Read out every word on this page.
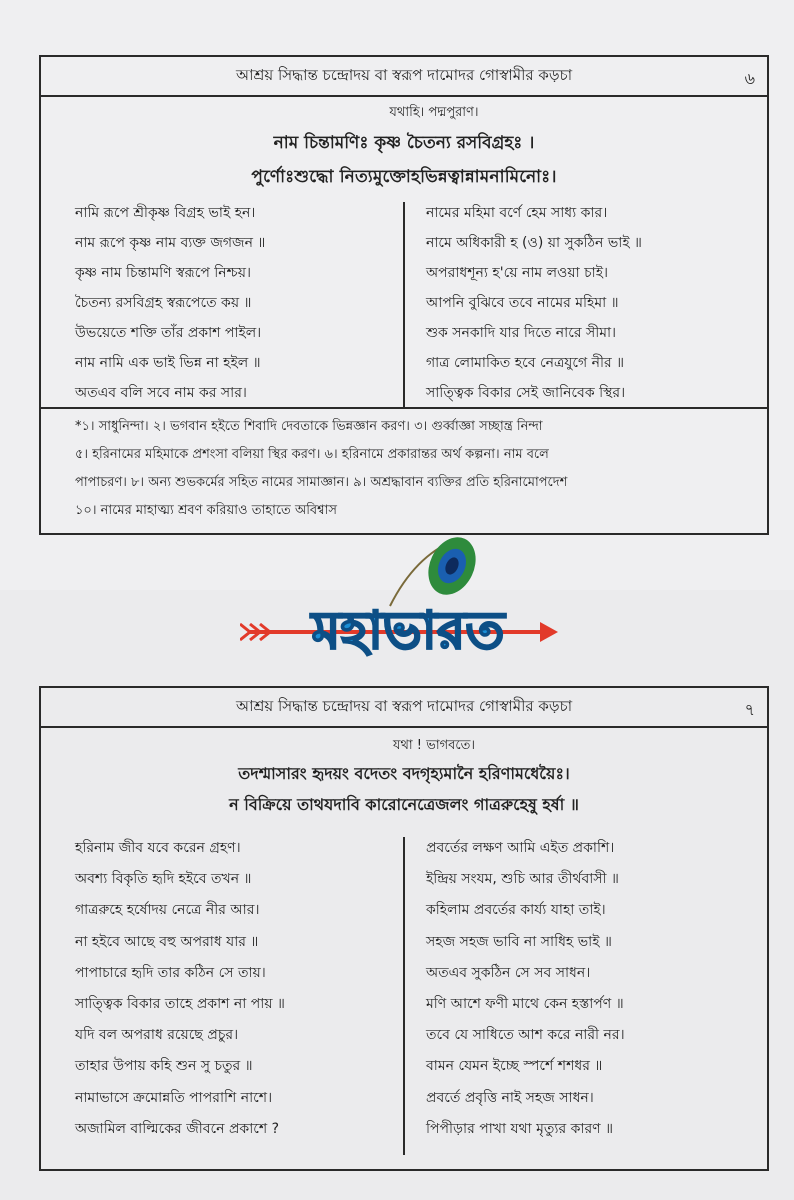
আশ্রয় সিদ্ধান্ত চন্দ্রোদয় বা স্বরূপ দামোদর গোস্বামীর কড়চা	৬
যথাহি। পদ্মপুরাণ।
নাম চিন্তামণিঃ কৃষ্ণ চৈতন্য রসবিগ্রহঃ ।
পুর্ণোঃশুদ্ধো নিত্যমুক্তোহভিন্নত্বান্নামনামিনোঃ।
নামি রূপে শ্রীকৃষ্ণ বিগ্রহ ভাই হন।
নাম রূপে কৃষ্ণ নাম ব্যক্ত জগজন ॥
কৃষ্ণ নাম চিন্তামণি স্বরূপে নিশ্চয়।
চৈতন্য রসবিগ্রহ স্বরূপেতে কয় ॥
উভয়েতে শক্তি তাঁর প্রকাশ পাইল।
নাম নামি এক ভাই ভিন্ন না হইল ॥
অতএব বলি সবে নাম কর সার।
নামের মহিমা বর্ণে হেম সাধ্য কার।
নামে অধিকারী হ (ও) য়া সুকঠিন ভাই ॥
অপরাধশূন্য হ'য়ে নাম লওয়া চাই।
আপনি বুঝিবে তবে নামের মহিমা ॥
শুক সনকাদি যার দিতে নারে সীমা।
গাত্র লোমাকিত হবে নেত্রযুগে নীর ॥
সাত্ত্বিক বিকার সেই জানিবেক স্থির।
*১। সাধুনিন্দা। ২। ভগবান হইতে শিবাদি দেবতাকে ভিন্নজ্ঞান করণ। ৩। গুর্ব্বাজ্ঞা সচ্ছান্ত্র নিন্দা
৫। হরিনামের মহিমাকে প্রশংসা বলিয়া স্থির করণ। ৬। হরিনামে প্রকারান্তর অর্থ কল্পনা। নাম বলে
পাপাচরণ। ৮। অন্য শুভকর্মের সহিত নামের সামাজ্ঞান। ৯। অশ্রদ্ধাবান ব্যক্তির প্রতি হরিনামোপদেশ
১০। নামের মাহাত্ম্য শ্রবণ করিয়াও তাহাতে অবিশ্বাস
মহাভারত
আশ্রয় সিদ্ধান্ত চন্দ্রোদয় বা স্বরূপ দামোদর গোস্বামীর কড়চা	৭
যথা ! ভাগবতে।
তদশ্মাসারং হৃদয়ং বদেতং বদগৃহ্যমানৈ হরিণামধেয়ৈঃ।
ন বিক্রিয়ে তাথযদাবি কারোনেত্রেজলং গাত্ররুহেষু হর্ষা ॥
হরিনাম জীব যবে করেন গ্রহণ।
অবশ্য বিকৃতি হৃদি হইবে তখন ॥
গাত্ররুহে হর্ষোদয় নেত্রে নীর আর।
না হইবে আছে বহু অপরাধ যার ॥
পাপাচারে হৃদি তার কঠিন সে তায়।
সাত্ত্বিক বিকার তাহে প্রকাশ না পায় ॥
যদি বল অপরাধ রয়েছে প্রচুর।
তাহার উপায় কহি শুন সু চতুর ॥
নামাভাসে ক্রমোন্নতি পাপরাশি নাশে।
অজামিল বাল্মিকের জীবনে প্রকাশে ?
প্রবর্তের লক্ষণ আমি এইত প্রকাশি।
ইন্দ্রিয় সংযম, শুচি আর তীর্থবাসী ॥
কহিলাম প্রবর্তের কার্য্য যাহা তাই।
সহজ সহজ ভাবি না সাধিহ ভাই ॥
অতএব সুকঠিন সে সব সাধন।
মণি আশে ফণী মাথে কেন হস্তার্পণ ॥
তবে যে সাধিতে আশ করে নারী নর।
বামন যেমন ইচ্ছে স্পর্শে শশধর ॥
প্রবর্তে প্রবৃত্তি নাই সহজ সাধন।
পিপীড়ার পাখা যথা মৃত্যুর কারণ ॥
